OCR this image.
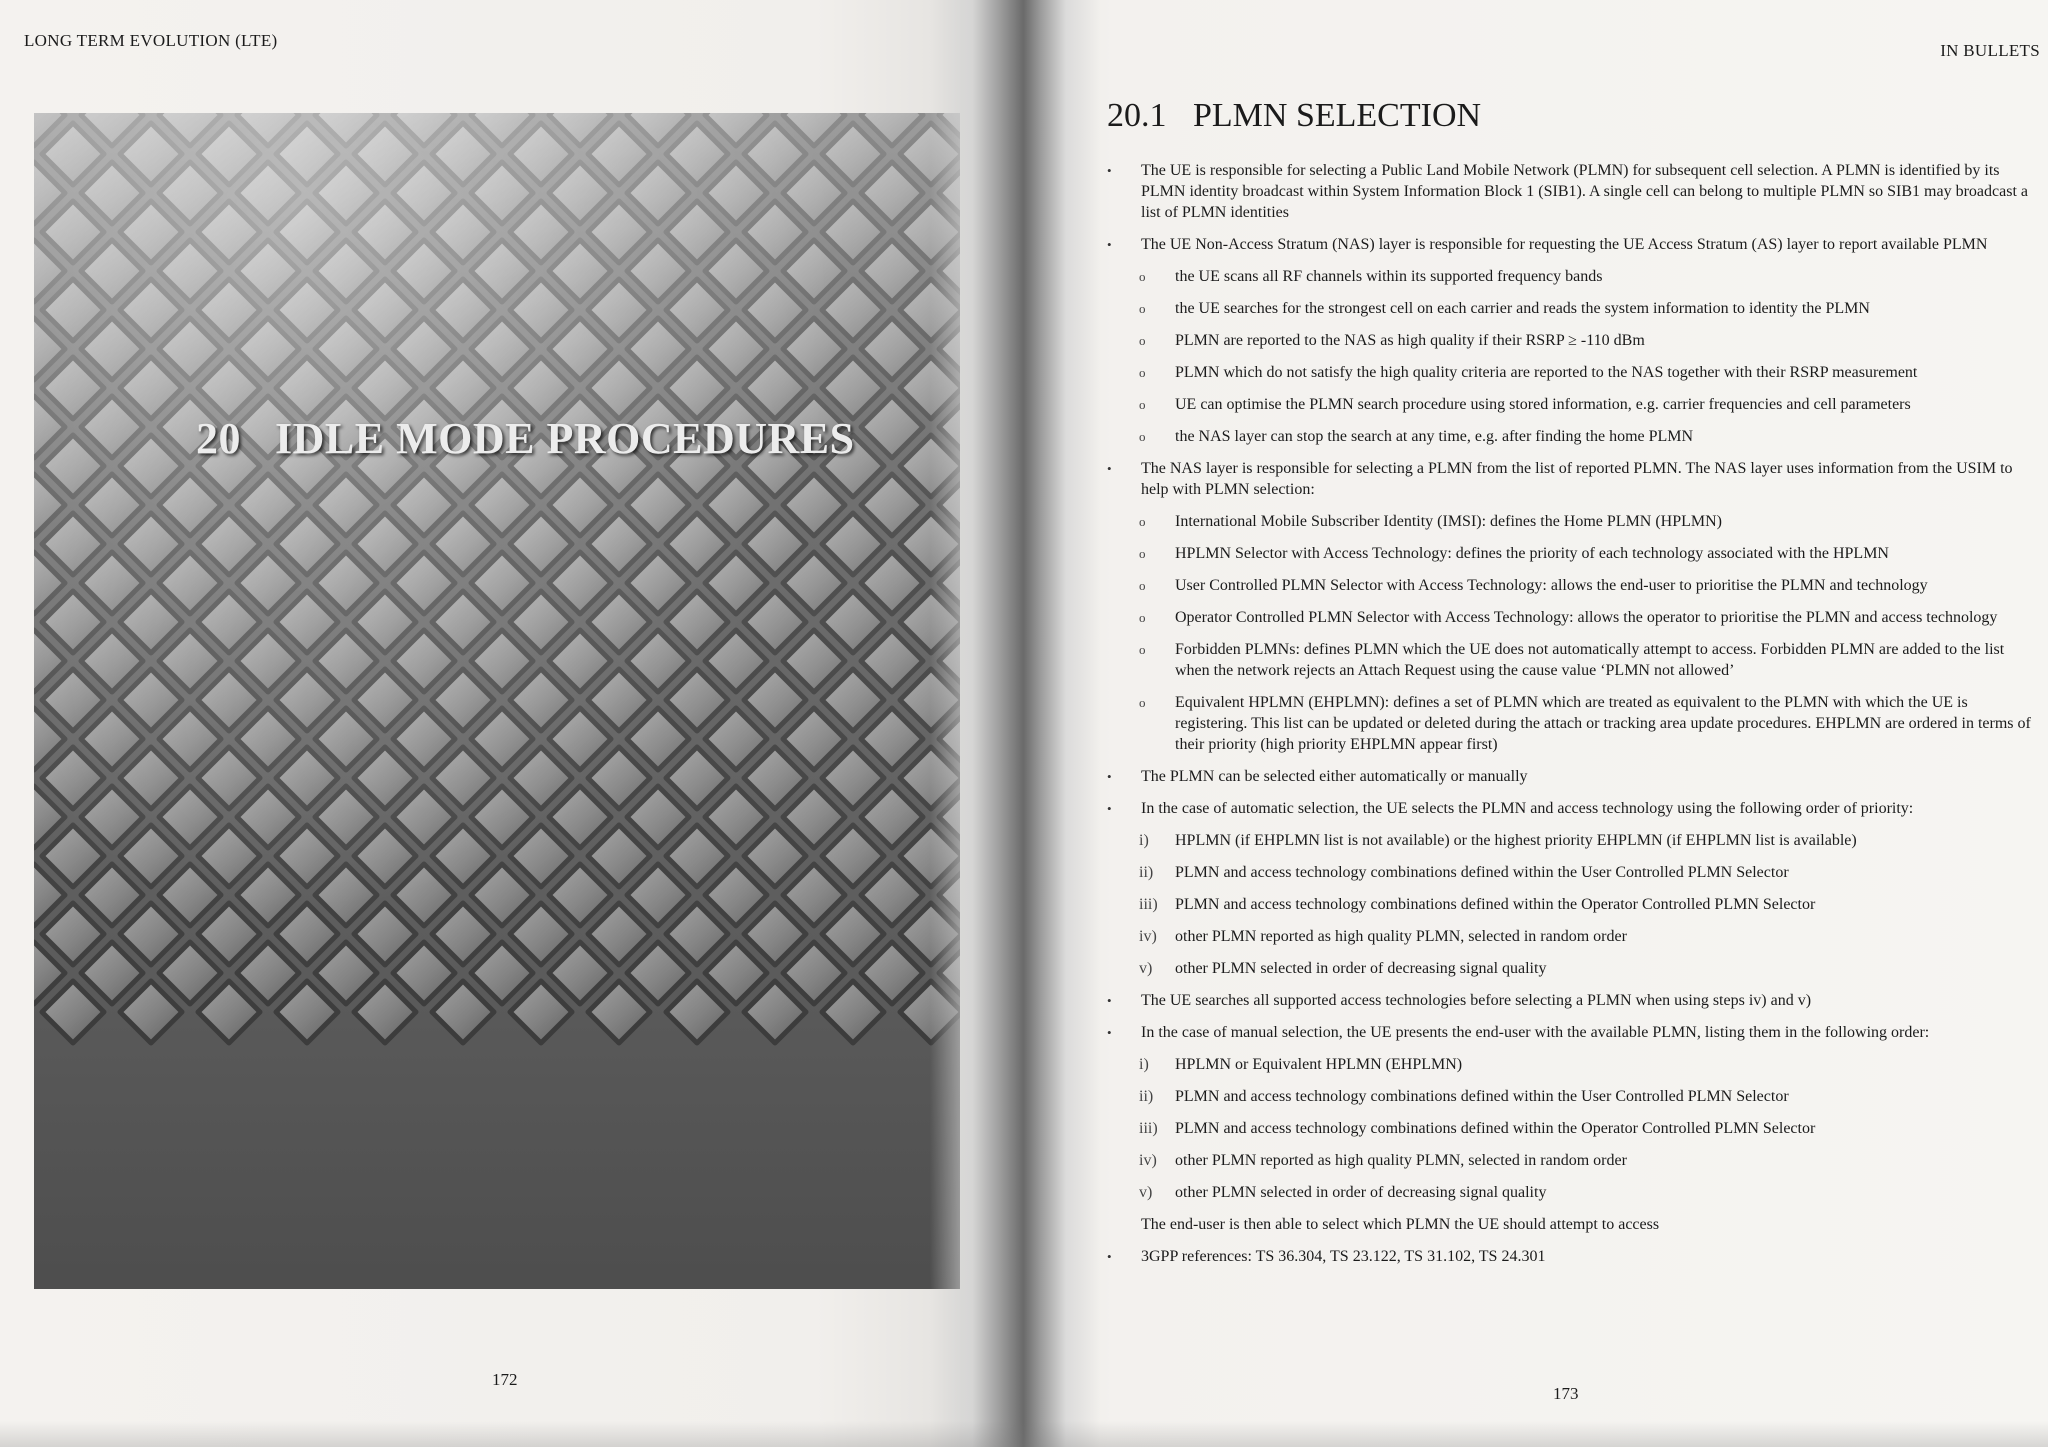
LONG TERM EVOLUTION (LTE)
20 IDLE MODE PROCEDURES
172
IN BULLETS
20.1 PLMN SELECTION
• The UE is responsible for selecting a Public Land Mobile Network (PLMN) for subsequent cell selection. A PLMN is identified by its PLMN identity broadcast within System Information Block 1 (SIB1). A single cell can belong to multiple PLMN so SIB1 may broadcast a list of PLMN identities
• The UE Non-Access Stratum (NAS) layer is responsible for requesting the UE Access Stratum (AS) layer to report available PLMN
o the UE scans all RF channels within its supported frequency bands
o the UE searches for the strongest cell on each carrier and reads the system information to identity the PLMN
o PLMN are reported to the NAS as high quality if their RSRP ≥ -110 dBm
o PLMN which do not satisfy the high quality criteria are reported to the NAS together with their RSRP measurement
o UE can optimise the PLMN search procedure using stored information, e.g. carrier frequencies and cell parameters
o the NAS layer can stop the search at any time, e.g. after finding the home PLMN
• The NAS layer is responsible for selecting a PLMN from the list of reported PLMN. The NAS layer uses information from the USIM to help with PLMN selection:
o International Mobile Subscriber Identity (IMSI): defines the Home PLMN (HPLMN)
o HPLMN Selector with Access Technology: defines the priority of each technology associated with the HPLMN
o User Controlled PLMN Selector with Access Technology: allows the end-user to prioritise the PLMN and technology
o Operator Controlled PLMN Selector with Access Technology: allows the operator to prioritise the PLMN and access technology
o Forbidden PLMNs: defines PLMN which the UE does not automatically attempt to access. Forbidden PLMN are added to the list when the network rejects an Attach Request using the cause value ‘PLMN not allowed’
o Equivalent HPLMN (EHPLMN): defines a set of PLMN which are treated as equivalent to the PLMN with which the UE is registering. This list can be updated or deleted during the attach or tracking area update procedures. EHPLMN are ordered in terms of their priority (high priority EHPLMN appear first)
• The PLMN can be selected either automatically or manually
• In the case of automatic selection, the UE selects the PLMN and access technology using the following order of priority:
i) HPLMN (if EHPLMN list is not available) or the highest priority EHPLMN (if EHPLMN list is available)
ii) PLMN and access technology combinations defined within the User Controlled PLMN Selector
iii) PLMN and access technology combinations defined within the Operator Controlled PLMN Selector
iv) other PLMN reported as high quality PLMN, selected in random order
v) other PLMN selected in order of decreasing signal quality
• The UE searches all supported access technologies before selecting a PLMN when using steps iv) and v)
• In the case of manual selection, the UE presents the end-user with the available PLMN, listing them in the following order:
i) HPLMN or Equivalent HPLMN (EHPLMN)
ii) PLMN and access technology combinations defined within the User Controlled PLMN Selector
iii) PLMN and access technology combinations defined within the Operator Controlled PLMN Selector
iv) other PLMN reported as high quality PLMN, selected in random order
v) other PLMN selected in order of decreasing signal quality
The end-user is then able to select which PLMN the UE should attempt to access
• 3GPP references: TS 36.304, TS 23.122, TS 31.102, TS 24.301
173
